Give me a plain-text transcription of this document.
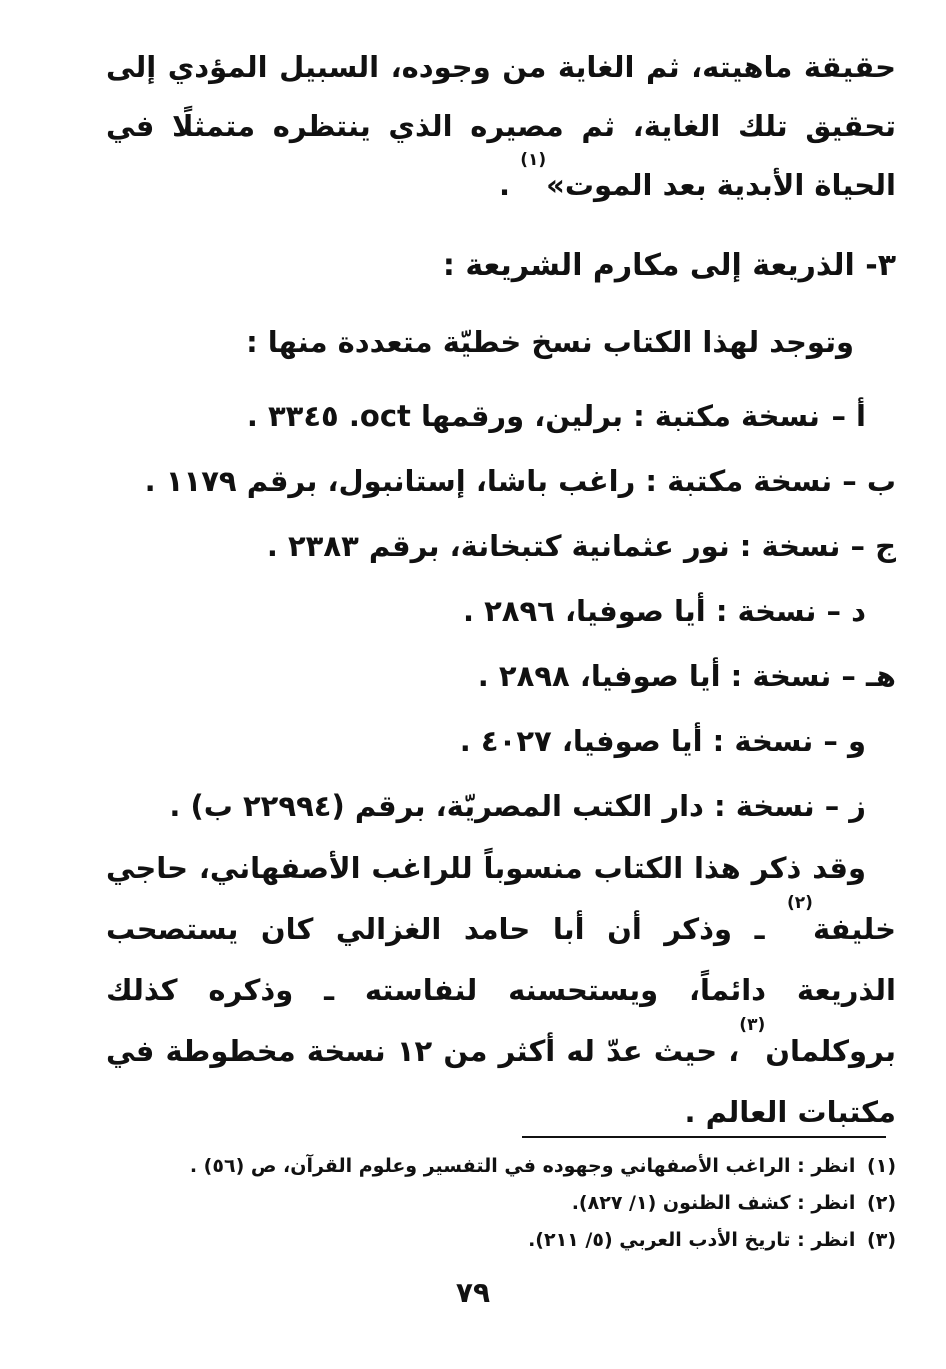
حقيقة ماهيته، ثم الغاية من وجوده، السبيل المؤدي إلى تحقيق تلك الغاية، ثم مصيره الذي ينتظره متمثلًا في الحياة الأبدية بعد الموت»$^{(١)}$ .

٣- الذريعة إلى مكارم الشريعة :

وتوجد لهذا الكتاب نسخ خطيّة متعددة منها :

أ – نسخة مكتبة : برلين، ورقمها oct. ٣٣٤٥ .
ب – نسخة مكتبة : راغب باشا، إستانبول، برقم ١١٧٩ .
ج – نسخة : نور عثمانية كتبخانة، برقم ٢٣٨٣ .
د – نسخة : أيا صوفيا، ٢٨٩٦ .
هـ – نسخة : أيا صوفيا، ٢٨٩٨ .
و – نسخة : أيا صوفيا، ٤٠٢٧ .
ز – نسخة : دار الكتب المصريّة، برقم (٢٢٩٩٤ ب) .

وقد ذكر هذا الكتاب منسوباً للراغب الأصفهاني، حاجي خليفة$^{(٢)}$ ـ وذكر أن أبا حامد الغزالي كان يستصحب الذريعة دائماً، ويستحسنه لنفاسته ـ وذكره كذلك بروكلمان$^{(٣)}$، حيث عدّ له أكثر من ١٢ نسخة مخطوطة في مكتبات العالم .

(١) انظر : الراغب الأصفهاني وجهوده في التفسير وعلوم القرآن، ص (٥٦) .
(٢) انظر : كشف الظنون (١/ ٨٢٧).
(٣) انظر : تاريخ الأدب العربي (٥/ ٢١١).
٧٩
